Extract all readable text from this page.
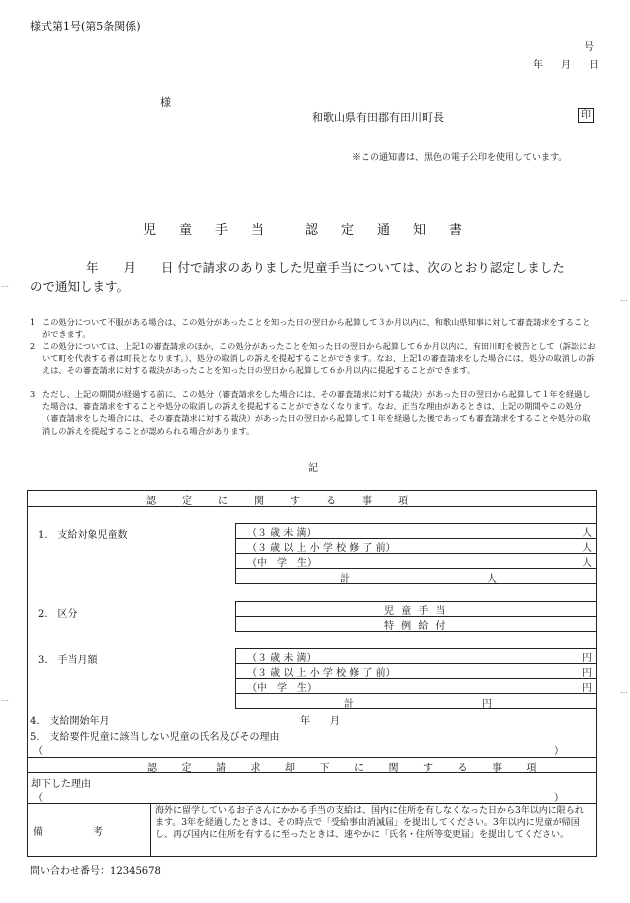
…
…
…
…
様式第1号(第5条関係)
号
年　月　日
様
和歌山県有田郡有田川町長	印
※この通知書は、黒色の電子公印を使用しています。
児　童　手　当　　認　定　通　知　書
年　　月　　日 付で請求のありました児童手当については、次のとおり認定しました
ので通知します。
1 この処分について不服がある場合は、この処分があったことを知った日の翌日から起算して３か月以内に、和歌山県知事に対して審査請求をすることができます。
2 この処分については、上記1の審査請求のほか、この処分があったことを知った日の翌日から起算して６か月以内に、有田川町を被告として（訴訟において町を代表する者は町長となります。）、処分の取消しの訴えを提起することができます。なお、上記1の審査請求をした場合には、処分の取消しの訴えは、その審査請求に対する裁決があったことを知った日の翌日から起算して６か月以内に提起することができます。
3 ただし、上記の期間が経過する前に、この処分（審査請求をした場合には、その審査請求に対する裁決）があった日の翌日から起算して１年を経過した場合は、審査請求をすることや処分の取消しの訴えを提起することができなくなります。なお、正当な理由があるときは、上記の期間やこの処分（審査請求をした場合には、その審査請求に対する裁決）があった日の翌日から起算して１年を経過した後であっても審査請求をすることや処分の取消しの訴えを提起することが認められる場合があります。
記
認　　定　　に　　関　　す　　る　　事　　項
1.　支給対象児童数	（３ 歳 未 満）	人
（３ 歳 以 上 小 学 校 修 了 前）	人
（中　学　生）	人
計	人
2.　区分	児 童 手 当
特 例 給 付
3.　手当月額	（３ 歳 未 満）	円
（３ 歳 以 上 小 学 校 修 了 前）	円
（中　学　生）	円
計	円
4.　支給開始年月	年　　月
5.　支給要件児童に該当しない児童の氏名及びその理由
（	）
認　　定　　請　　求　　却　　下　　に　　関　　す　　る　　事　　項
却下した理由
（	）
備　　　　　考
海外に留学しているお子さんにかかる手当の支給は、国内に住所を有しなくなった日から3年以内に限られます。3年を経過したときは、その時点で「受給事由消滅届」を提出してください。3年以内に児童が帰国し、再び国内に住所を有するに至ったときは、速やかに「氏名・住所等変更届」を提出してください。
問い合わせ番号：12345678
